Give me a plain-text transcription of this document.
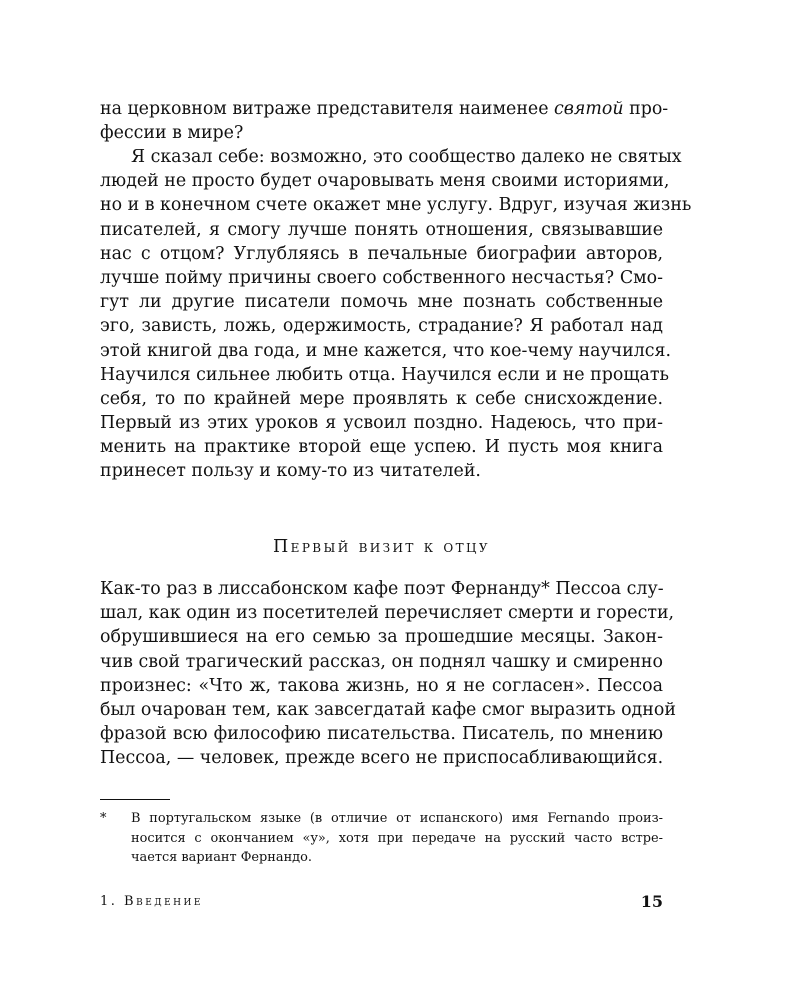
на церковном витраже представителя наименее святой про-
фессии в мире?
Я сказал себе: возможно, это сообщество далеко не святых
людей не просто будет очаровывать меня своими историями,
но и в конечном счете окажет мне услугу. Вдруг, изучая жизнь
писателей, я смогу лучше понять отношения, связывавшие
нас с отцом? Углубляясь в печальные биографии авторов,
лучше пойму причины своего собственного несчастья? Смо-
гут ли другие писатели помочь мне познать собственные
эго, зависть, ложь, одержимость, страдание? Я работал над
этой книгой два года, и мне кажется, что кое-чему научился.
Научился сильнее любить отца. Научился если и не прощать
себя, то по крайней мере проявлять к себе снисхождение.
Первый из этих уроков я усвоил поздно. Надеюсь, что при-
менить на практике второй еще успею. И пусть моя книга
принесет пользу и кому-то из читателей.
Первый визит к отцу
Как-то раз в лиссабонском кафе поэт Фернанду* Пессоа слу-
шал, как один из посетителей перечисляет смерти и горести,
обрушившиеся на его семью за прошедшие месяцы. Закон-
чив свой трагический рассказ, он поднял чашку и смиренно
произнес: «Что ж, такова жизнь, но я не согласен». Пессоа
был очарован тем, как завсегдатай кафе смог выразить одной
фразой всю философию писательства. Писатель, по мнению
Пессоа, — человек, прежде всего не приспосабливающийся.
* В португальском языке (в отличие от испанского) имя Fernando произ-
носится с окончанием «у», хотя при передаче на русский часто встре-
чается вариант Фернандо.
1. Введение	15
